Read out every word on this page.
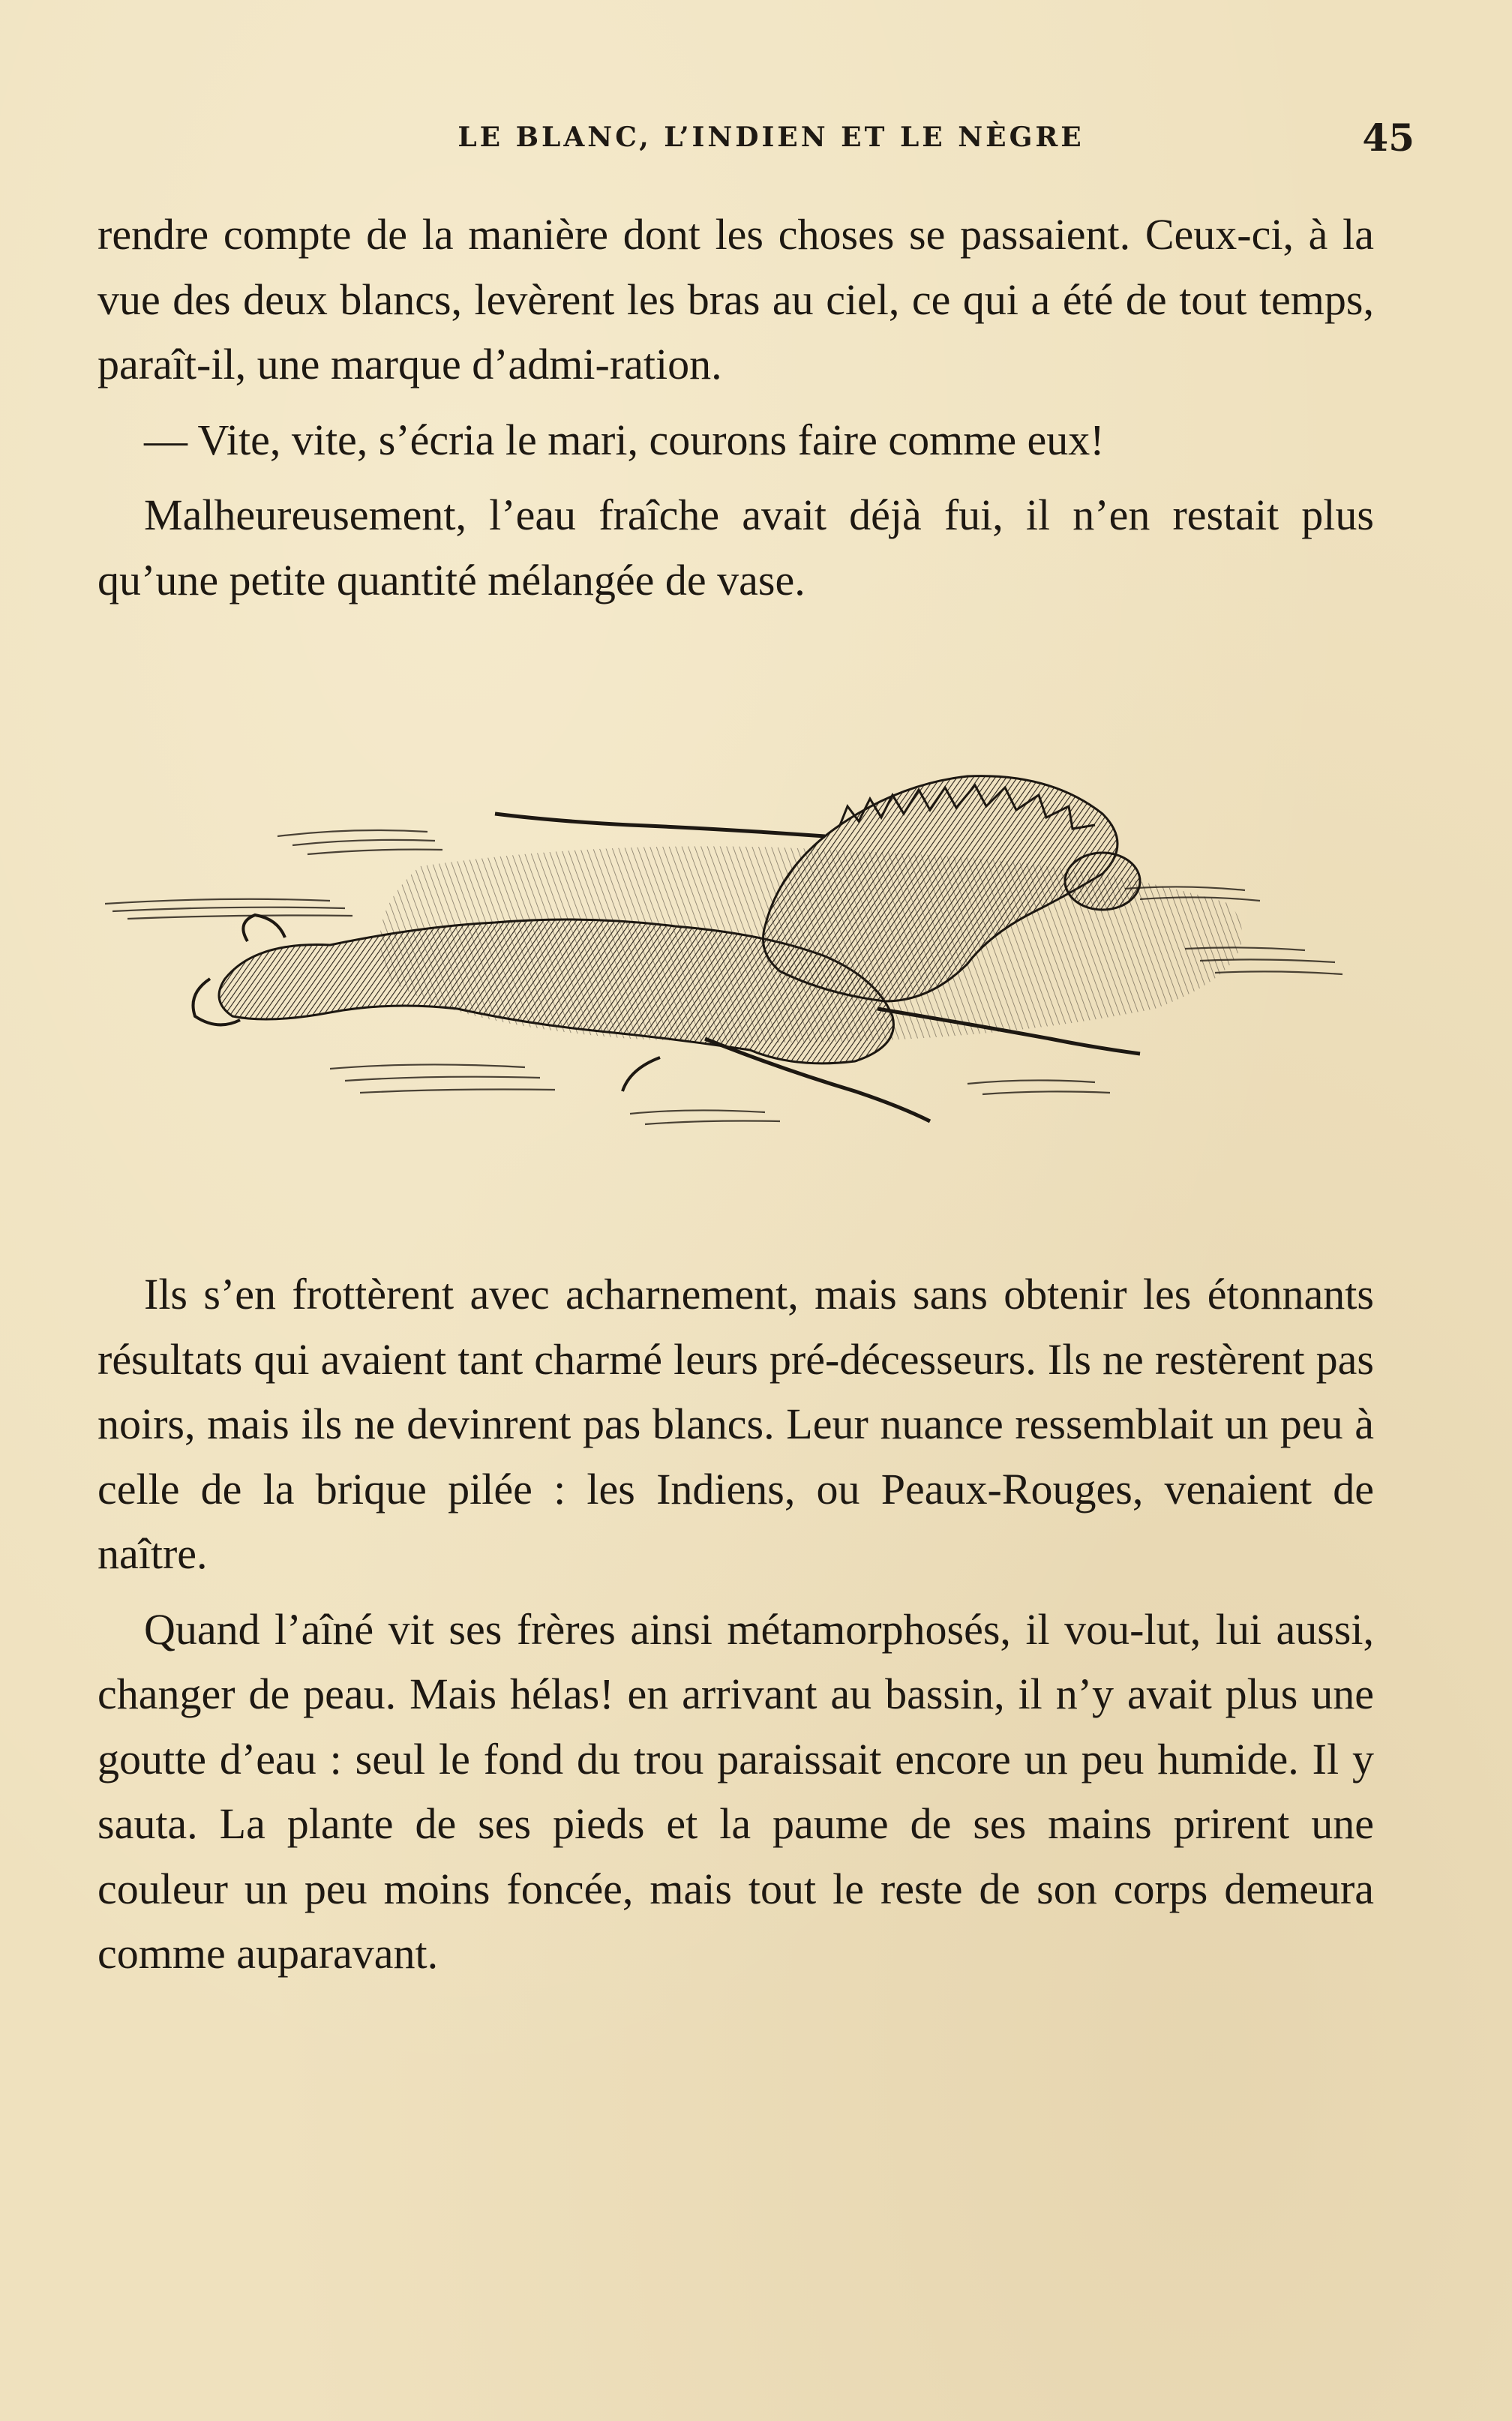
LE BLANC, L’INDIEN ET LE NÈGRE	45

rendre compte de la manière dont les choses se passaient. Ceux-ci, à la vue des deux blancs, levèrent les bras au ciel, ce qui a été de tout temps, paraît-il, une marque d’admi-ration.

— Vite, vite, s’écria le mari, courons faire comme eux!

Malheureusement, l’eau fraîche avait déjà fui, il n’en restait plus qu’une petite quantité mélangée de vase.

Ils s’en frottèrent avec acharnement, mais sans obtenir les étonnants résultats qui avaient tant charmé leurs pré-décesseurs. Ils ne restèrent pas noirs, mais ils ne devinrent pas blancs. Leur nuance ressemblait un peu à celle de la brique pilée : les Indiens, ou Peaux-Rouges, venaient de naître.

Quand l’aîné vit ses frères ainsi métamorphosés, il vou-lut, lui aussi, changer de peau. Mais hélas! en arrivant au bassin, il n’y avait plus une goutte d’eau : seul le fond du trou paraissait encore un peu humide. Il y sauta. La plante de ses pieds et la paume de ses mains prirent une couleur un peu moins foncée, mais tout le reste de son corps demeura comme auparavant.
